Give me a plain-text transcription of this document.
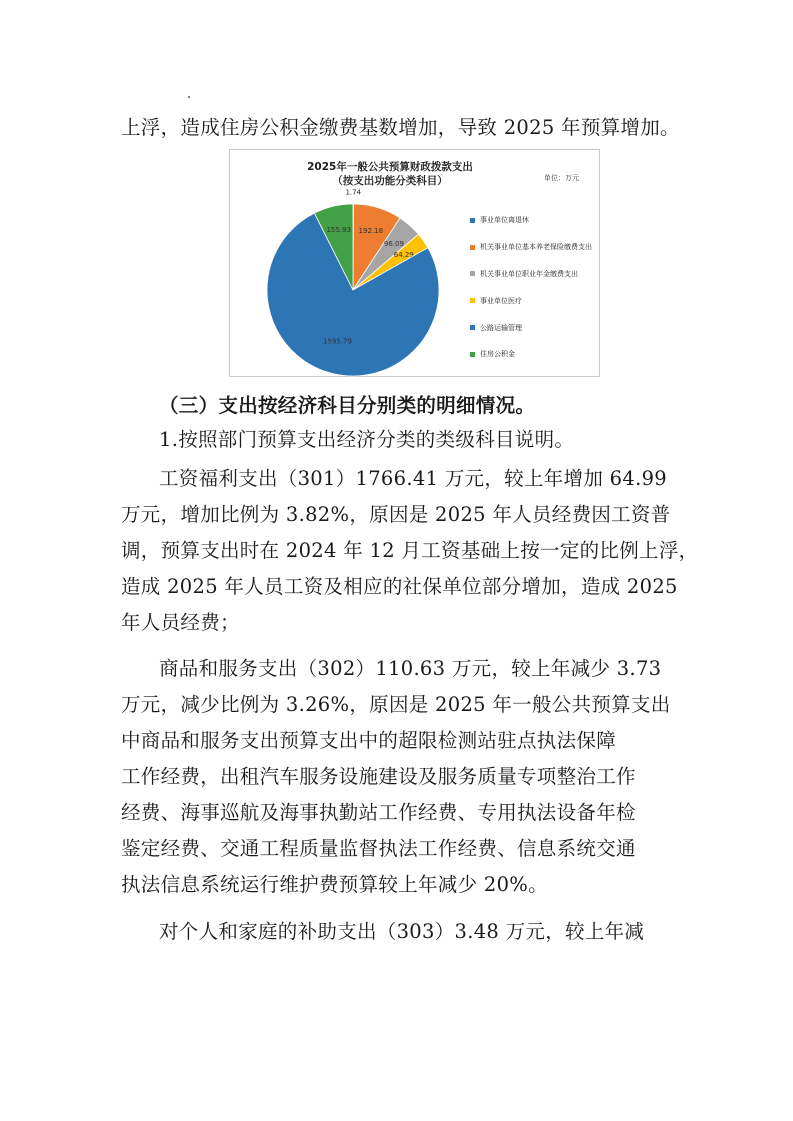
上浮，造成住房公积金缴费基数增加，导致 2025 年预算增加。
2025年一般公共预算财政拨款支出
（按支出功能分类科目）	单位：万元
1.74
192.18
96.09
64.29
1595.79
155.93
事业单位离退休
机关事业单位基本养老保险缴费支出
机关事业单位职业年金缴费支出
事业单位医疗
公路运输管理
住房公积金
（三）支出按经济科目分别类的明细情况。
1.按照部门预算支出经济分类的类级科目说明。
工资福利支出（301）1766.41 万元，较上年增加 64.99
万元，增加比例为 3.82%，原因是 2025 年人员经费因工资普
调，预算支出时在 2024 年 12 月工资基础上按一定的比例上浮，
造成 2025 年人员工资及相应的社保单位部分增加，造成 2025
年人员经费；
商品和服务支出（302）110.63 万元，较上年减少 3.73
万元，减少比例为 3.26%，原因是 2025 年一般公共预算支出
中商品和服务支出预算支出中的超限检测站驻点执法保障
工作经费，出租汽车服务设施建设及服务质量专项整治工作
经费、海事巡航及海事执勤站工作经费、专用执法设备年检
鉴定经费、交通工程质量监督执法工作经费、信息系统交通
执法信息系统运行维护费预算较上年减少 20%。
对个人和家庭的补助支出（303）3.48 万元，较上年减
